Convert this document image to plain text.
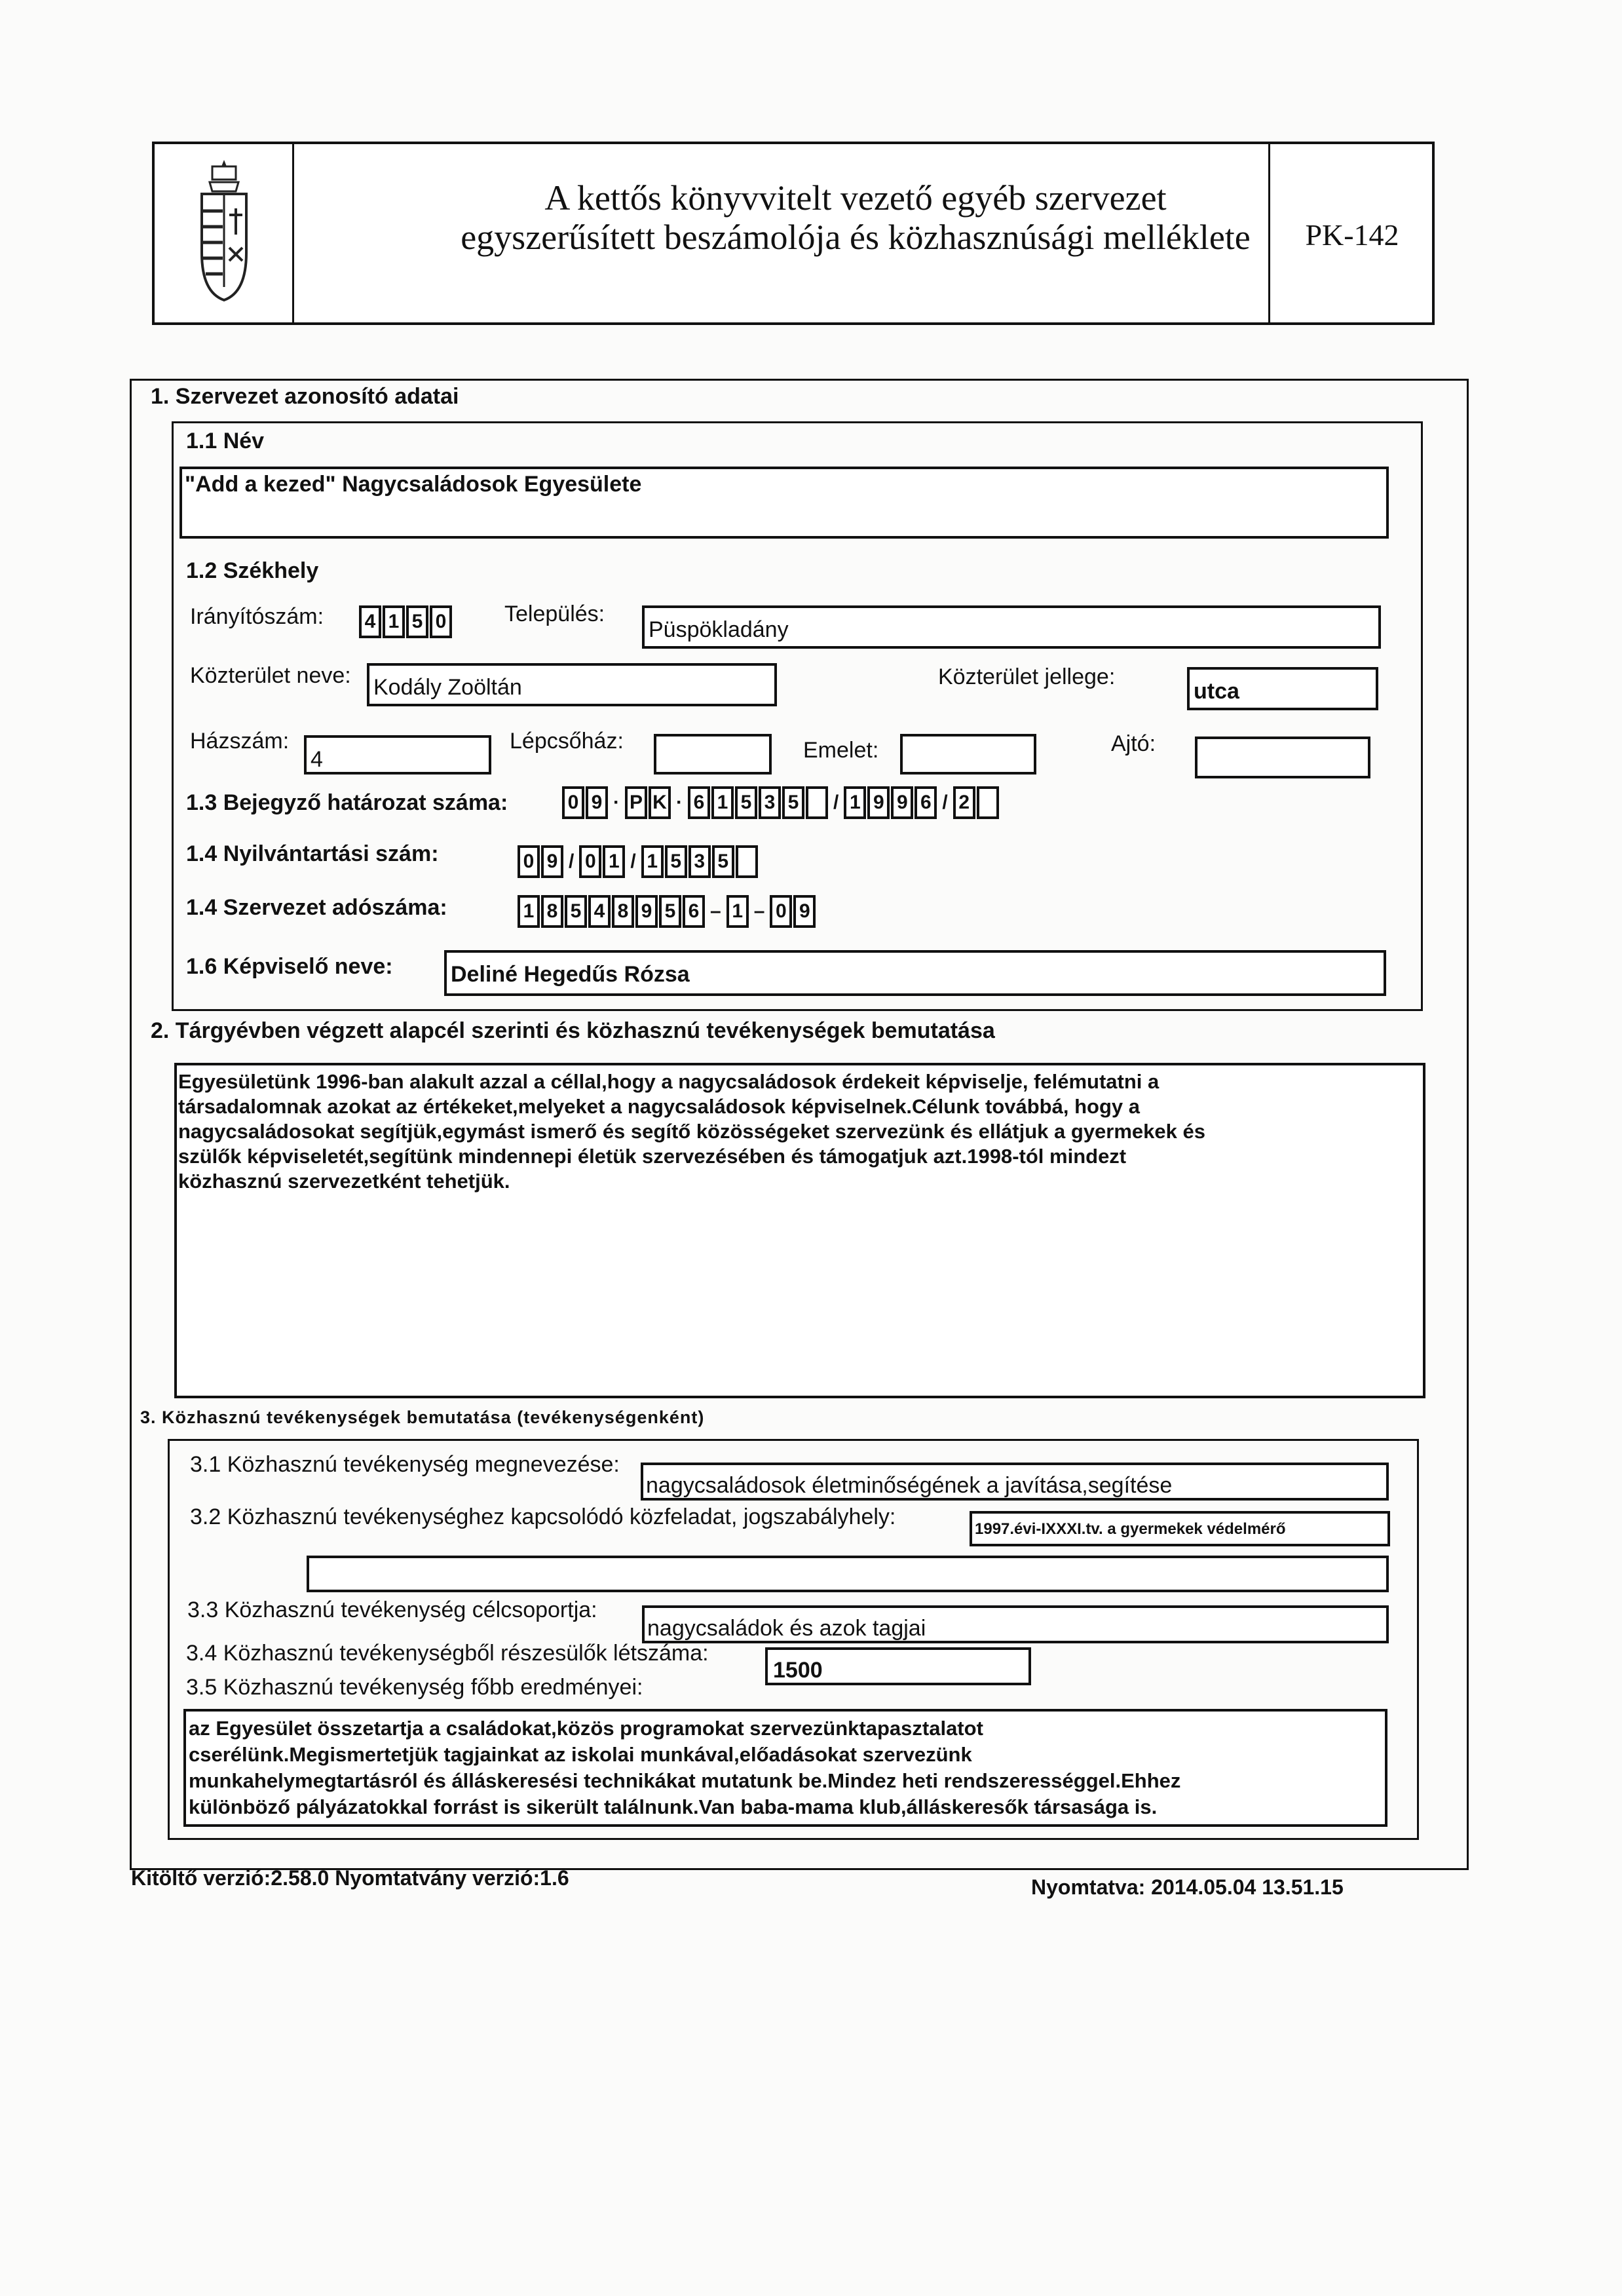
A kettős könyvvitelt vezető egyéb szervezet
egyszerűsített beszámolója és közhasznúsági melléklete	PK-142
1. Szervezet azonosító adatai
1.1 Név
"Add a kezed" Nagycsaládosok Egyesülete
1.2 Székhely
Irányítószám: 4 1 5 0	Település:
Püspökladány
Közterület neve: Kodály Zoöltán	Közterület jellege:
utca
Házszám:
4
Lépcsőház:	Emelet:	Ajtó:
1.3 Bejegyző határozat száma:	0 9 · P K · 6 1 5 3 5 / 1 9 9 6 / 2
1.4 Nyilvántartási szám:	0 9 / 0 1 / 1 5 3 5
1.4 Szervezet adószáma:	1 8 5 4 8 9 5 6 – 1 – 0 9
1.6 Képviselő neve:	Deliné Hegedűs Rózsa
2. Tárgyévben végzett alapcél szerinti és közhasznú tevékenységek bemutatása
Egyesületünk 1996-ban alakult azzal a céllal,hogy a nagycsaládosok érdekeit képviselje, felémutatni a
társadalomnak azokat az értékeket,melyeket a nagycsaládosok képviselnek.Célunk továbbá, hogy a
nagycsaládosokat segítjük,egymást ismerő és segítő közösségeket szervezünk és ellátjuk a gyermekek és
szülők képviseletét,segítünk mindennepi életük szervezésében és támogatjuk azt.1998-tól mindezt
közhasznú szervezetként tehetjük.
3. Közhasznú tevékenységek bemutatása (tevékenységenként)
3.1 Közhasznú tevékenység megnevezése:
nagycsaládosok életminőségének a javítása,segítése
3.2 Közhasznú tevékenységhez kapcsolódó közfeladat, jogszabályhely:	1997.évi-IXXXI.tv. a gyermekek védelmérő
3.3 Közhasznú tevékenység célcsoportja:
nagycsaládok és azok tagjai
3.4 Közhasznú tevékenységből részesülők létszáma:
1500
3.5 Közhasznú tevékenység főbb eredményei:
az Egyesület összetartja a családokat,közös programokat szervezünktapasztalatot
cserélünk.Megismertetjük tagjainkat az iskolai munkával,előadásokat szervezünk
munkahelymegtartásról és álláskeresési technikákat mutatunk be.Mindez heti rendszerességgel.Ehhez
különböző pályázatokkal forrást is sikerült találnunk.Van baba-mama klub,álláskeresők társasága is.
Kitöltő verzió:2.58.0 Nyomtatvány verzió:1.6	Nyomtatva: 2014.05.04 13.51.15
